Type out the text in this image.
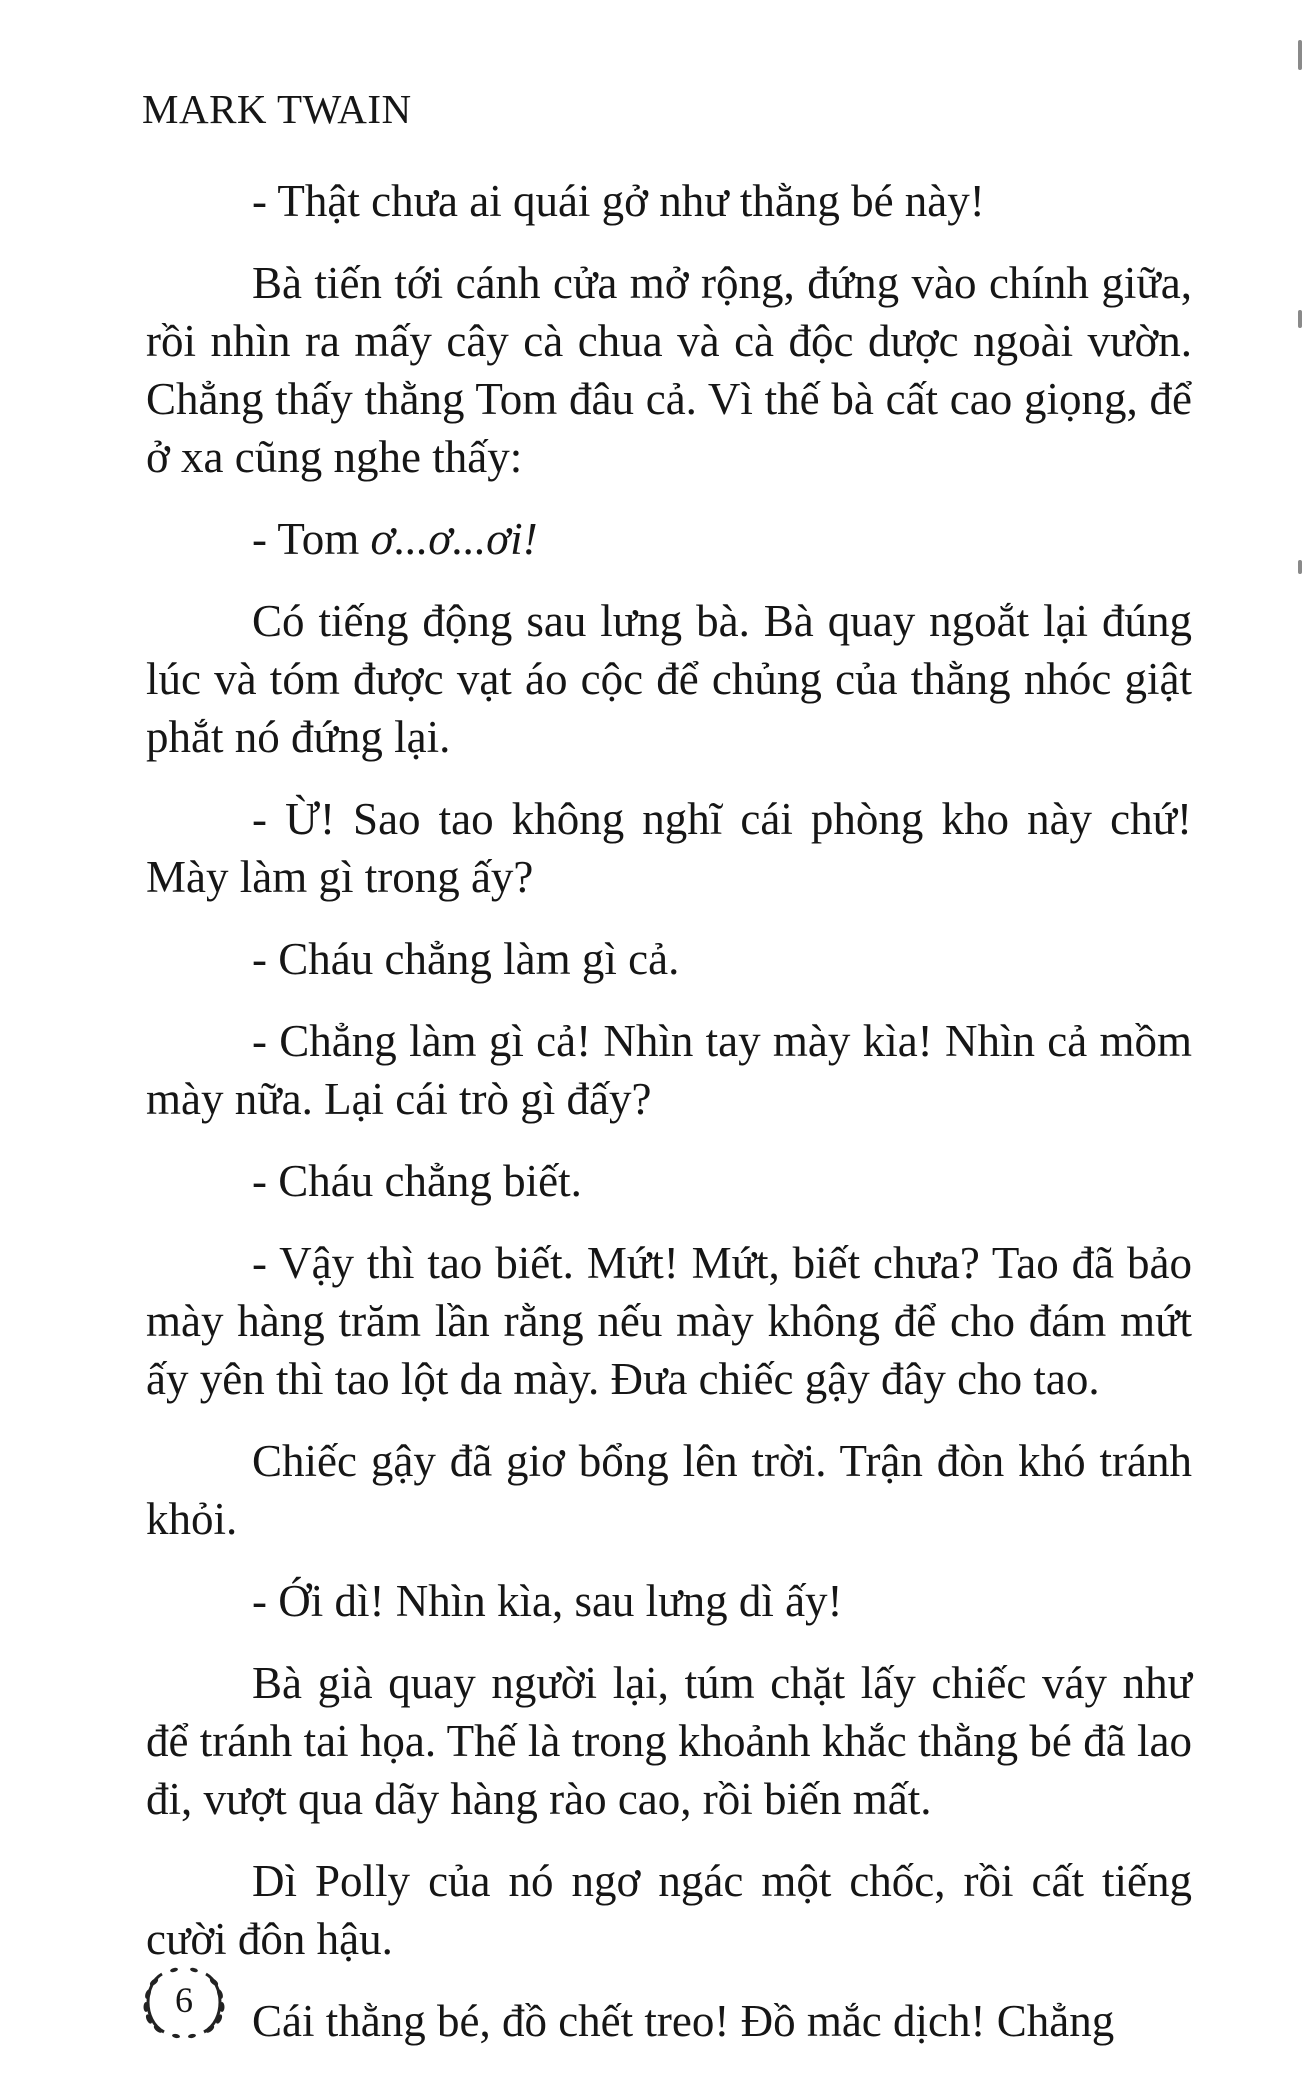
MARK TWAIN

- Thật chưa ai quái gở như thằng bé này!

Bà tiến tới cánh cửa mở rộng, đứng vào chính giữa, rồi nhìn ra mấy cây cà chua và cà độc dược ngoài vườn. Chẳng thấy thằng Tom đâu cả. Vì thế bà cất cao giọng, để ở xa cũng nghe thấy:

- Tom ơ...ơ...ơi!

Có tiếng động sau lưng bà. Bà quay ngoắt lại đúng lúc và tóm được vạt áo cộc để chủng của thằng nhóc giật phắt nó đứng lại.

- Ừ! Sao tao không nghĩ cái phòng kho này chứ! Mày làm gì trong ấy?

- Cháu chẳng làm gì cả.

- Chẳng làm gì cả! Nhìn tay mày kìa! Nhìn cả mồm mày nữa. Lại cái trò gì đấy?

- Cháu chẳng biết.

- Vậy thì tao biết. Mứt! Mứt, biết chưa? Tao đã bảo mày hàng trăm lần rằng nếu mày không để cho đám mứt ấy yên thì tao lột da mày. Đưa chiếc gậy đây cho tao.

Chiếc gậy đã giơ bổng lên trời. Trận đòn khó tránh khỏi.

- Ới dì! Nhìn kìa, sau lưng dì ấy!

Bà già quay người lại, túm chặt lấy chiếc váy như để tránh tai họa. Thế là trong khoảnh khắc thằng bé đã lao đi, vượt qua dãy hàng rào cao, rồi biến mất.

Dì Polly của nó ngơ ngác một chốc, rồi cất tiếng cười đôn hậu.

Cái thằng bé, đồ chết treo! Đồ mắc dịch! Chẳng

6
